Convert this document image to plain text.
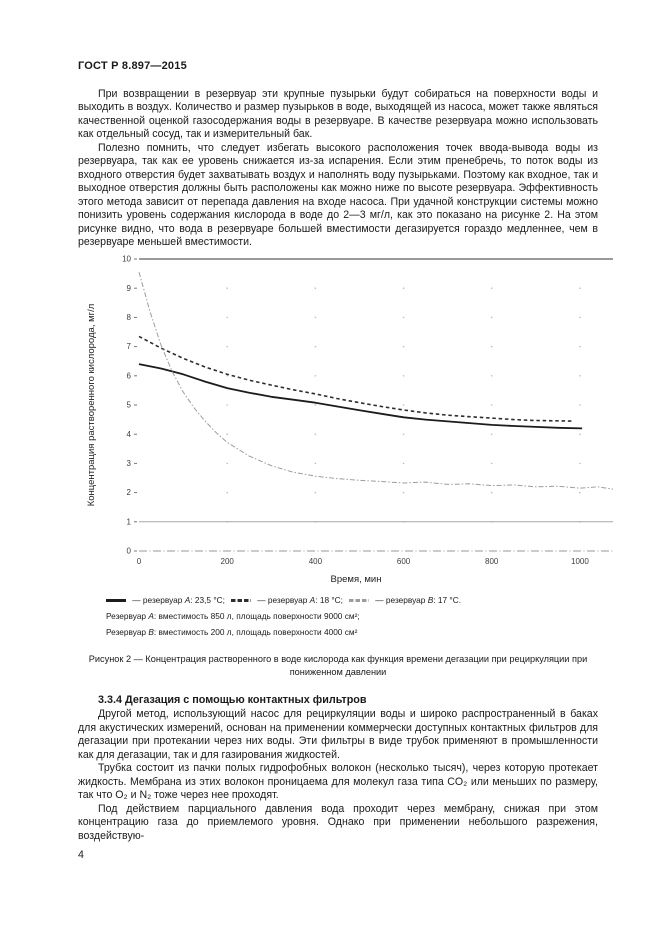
ГОСТ Р 8.897—2015

При возвращении в резервуар эти крупные пузырьки будут собираться на поверхности воды и выходить в воздух. Количество и размер пузырьков в воде, выходящей из насоса, может также являться качественной оценкой газосодержания воды в резервуаре. В качестве резервуара можно использовать как отдельный сосуд, так и измерительный бак.

Полезно помнить, что следует избегать высокого расположения точек ввода-вывода воды из резервуара, так как ее уровень снижается из-за испарения. Если этим пренебречь, то поток воды из входного отверстия будет захватывать воздух и наполнять воду пузырьками. Поэтому как входное, так и выходное отверстия должны быть расположены как можно ниже по высоте резервуара. Эффективность этого метода зависит от перепада давления на входе насоса. При удачной конструкции системы можно понизить уровень содержания кислорода в воде до 2—3 мг/л, как это показано на рисунке 2. На этом рисунке видно, что вода в резервуаре большей вместимости дегазируется гораздо медленнее, чем в резервуаре меньшей вместимости.

0
1
2
3
4
5
6
7
8
9
10
0	200	400	600	800	1000
Время, мин
Концентрация растворенного кислорода, мг/л
— резервуар A: 23,5 °С;	— резервуар A: 18 °С;	— резервуар B: 17 °С.
Резервуар A: вместимость 850 л, площадь поверхности 9000 см²;
Резервуар B: вместимость 200 л, площадь поверхности 4000 см²
Рисунок 2 — Концентрация растворенного в воде кислорода как функция времени дегазации при рециркуляции при пониженном давлении
3.3.4 Дегазация с помощью контактных фильтров

Другой метод, использующий насос для рециркуляции воды и широко распространенный в баках для акустических измерений, основан на применении коммерчески доступных контактных фильтров для дегазации при протекании через них воды. Эти фильтры в виде трубок применяют в промышленности как для дегазации, так и для газирования жидкостей.

Трубка состоит из пачки полых гидрофобных волокон (несколько тысяч), через которую протекает жидкость. Мембрана из этих волокон проницаема для молекул газа типа CO₂ или меньших по размеру, так что O₂ и N₂ тоже через нее проходят.

Под действием парциального давления вода проходит через мембрану, снижая при этом концентрацию газа до приемлемого уровня. Однако при применении небольшого разрежения, воздействую-

4
